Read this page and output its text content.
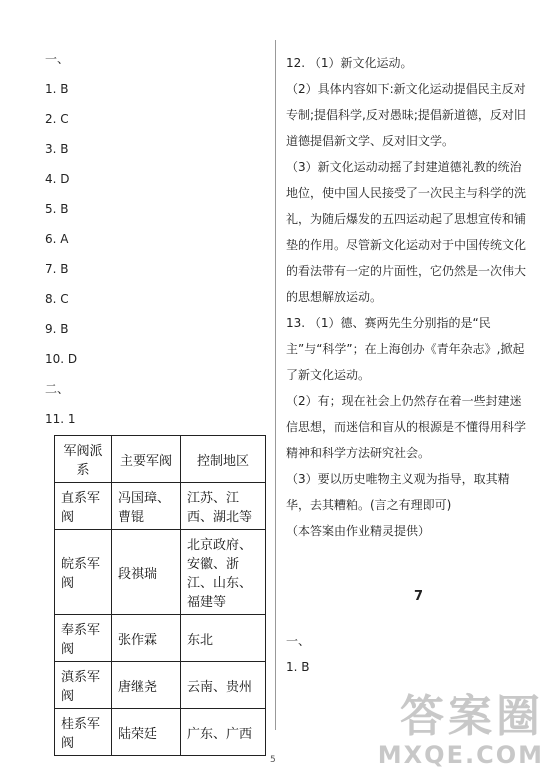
一、
1. B
2. C
3. B
4. D
5. B
6. A
7. B
8. C
9. B
10. D
二、
11. 1
军阀派系	主要军阀	控制地区
直系军阀	冯国璋、曹锟	江苏、江西、湖北等
皖系军阀	段祺瑞	北京政府、安徽、浙江、山东、福建等
奉系军阀	张作霖	东北
滇系军阀	唐继尧	云南、贵州
桂系军阀	陆荣廷	广东、广西

12. （1）新文化运动。

（2）具体内容如下:新文化运动提倡民主反对专制;提倡科学,反对愚昧;提倡新道德，反对旧道德提倡新文学、反对旧文学。

（3）新文化运动动摇了封建道德礼教的统治地位，使中国人民接受了一次民主与科学的洗礼，为随后爆发的五四运动起了思想宣传和铺垫的作用。尽管新文化运动对于中国传统文化的看法带有一定的片面性，它仍然是一次伟大的思想解放运动。

13. （1）德、赛两先生分别指的是“民主”与“科学”；在上海创办《青年杂志》,掀起了新文化运动。

（2）有；现在社会上仍然存在着一些封建迷信思想，而迷信和盲从的根源是不懂得用科学精神和科学方法研究社会。

（3）要以历史唯物主义观为指导，取其精华，去其糟粕。(言之有理即可)

（本答案由作业精灵提供）

7

一、

1. B

5
答案圈
MXQE.COM
